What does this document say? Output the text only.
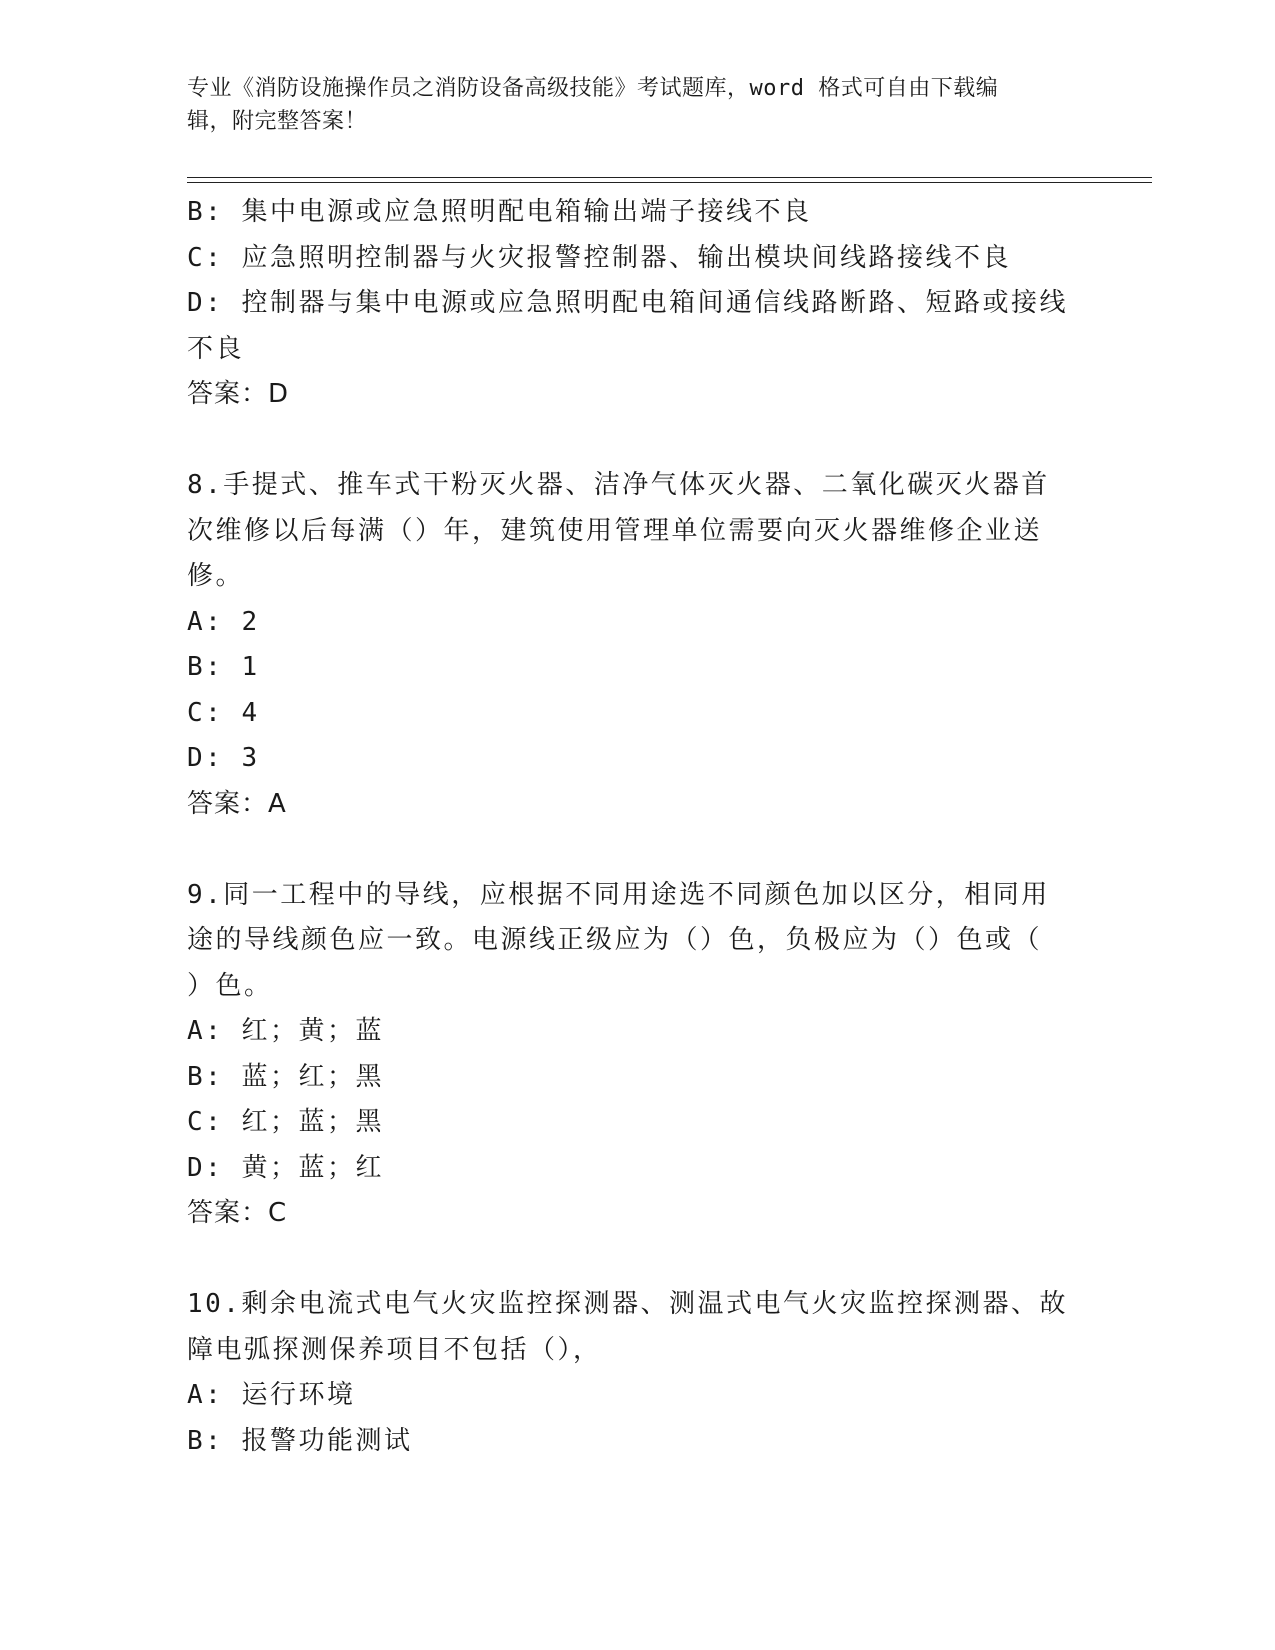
专业《消防设施操作员之消防设备高级技能》考试题库，word 格式可自由下载编
辑，附完整答案！
B: 集中电源或应急照明配电箱输出端子接线不良
C: 应急照明控制器与火灾报警控制器、输出模块间线路接线不良
D: 控制器与集中电源或应急照明配电箱间通信线路断路、短路或接线
不良
答案：D
8.手提式、推车式干粉灭火器、洁净气体灭火器、二氧化碳灭火器首
次维修以后每满（）年，建筑使用管理单位需要向灭火器维修企业送
修。
A: 2
B: 1
C: 4
D: 3
答案：A
9.同一工程中的导线，应根据不同用途选不同颜色加以区分，相同用
途的导线颜色应一致。电源线正级应为（）色，负极应为（）色或（
）色。
A: 红；黄；蓝
B: 蓝；红；黑
C: 红；蓝；黑
D: 黄；蓝；红
答案：C
10.剩余电流式电气火灾监控探测器、测温式电气火灾监控探测器、故
障电弧探测保养项目不包括（），
A: 运行环境
B: 报警功能测试
